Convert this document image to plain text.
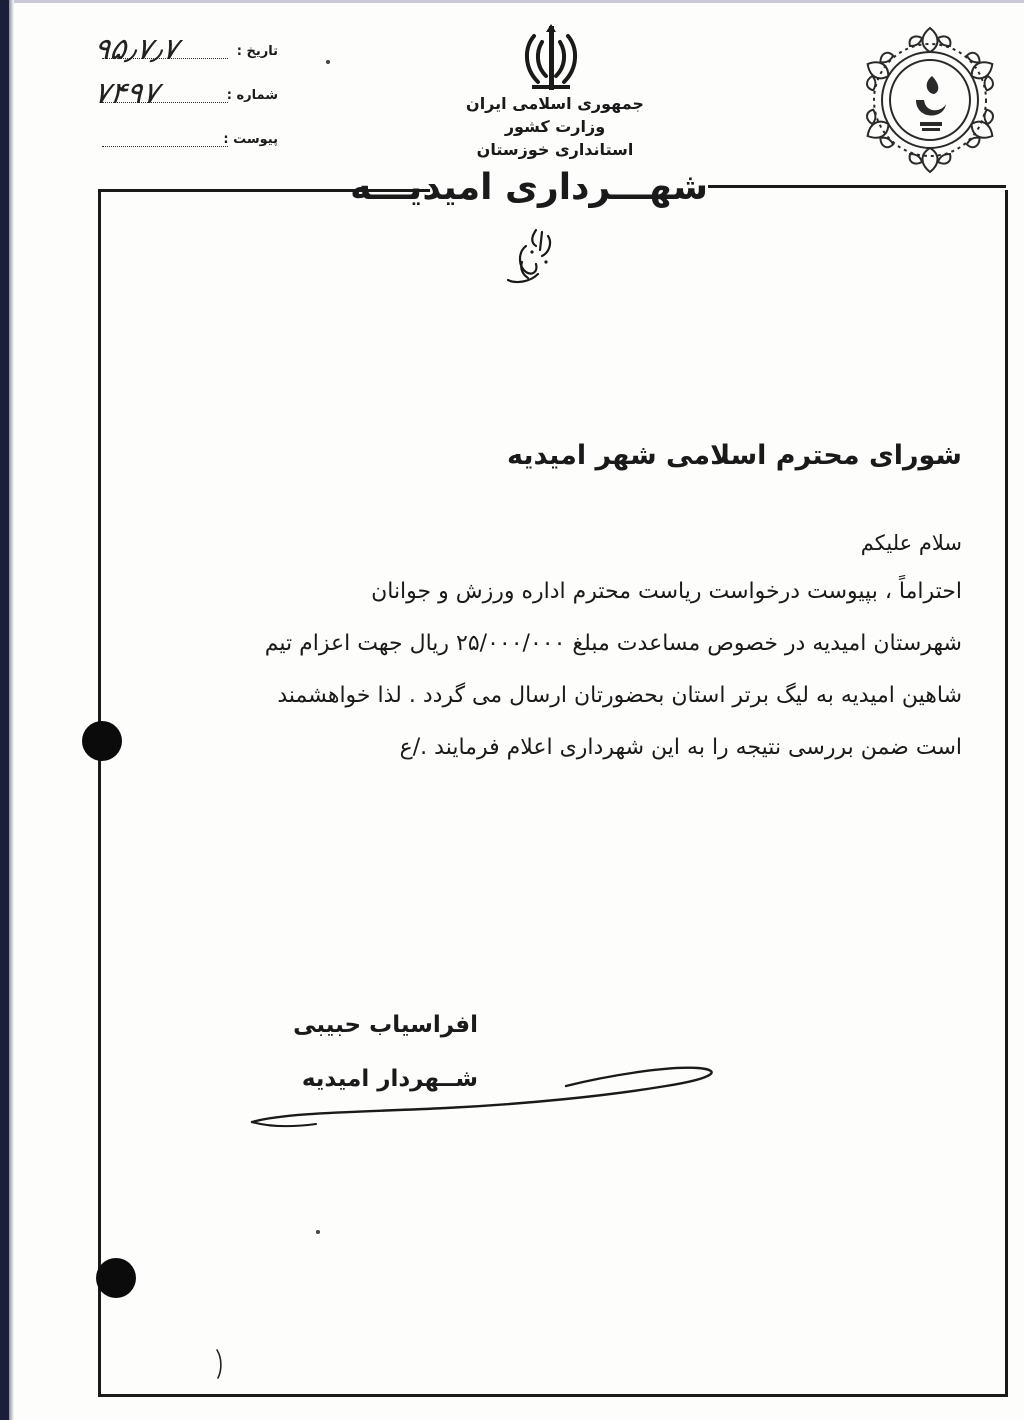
تاریخ :
۹۵٫۷٫۷
شماره :
۷۴۹۷
پیوست :
جمهوری اسلامی ایران
وزارت کشور
استانداری خوزستان
شهـــرداری امیدیـــه
شورای محترم اسلامی شهر امیدیه
سلام علیکم
احتراماً ، بپیوست درخواست ریاست محترم اداره ورزش و جوانان
شهرستان امیدیه در خصوص مساعدت مبلغ ۲۵/۰۰۰/۰۰۰ ریال جهت اعزام تیم
شاهین امیدیه به لیگ برتر استان بحضورتان ارسال می گردد . لذا خواهشمند
است ضمن بررسی نتیجه را به این شهرداری اعلام فرمایند ./ع
افراسیاب حبیبی
شــهردار امیدیه
